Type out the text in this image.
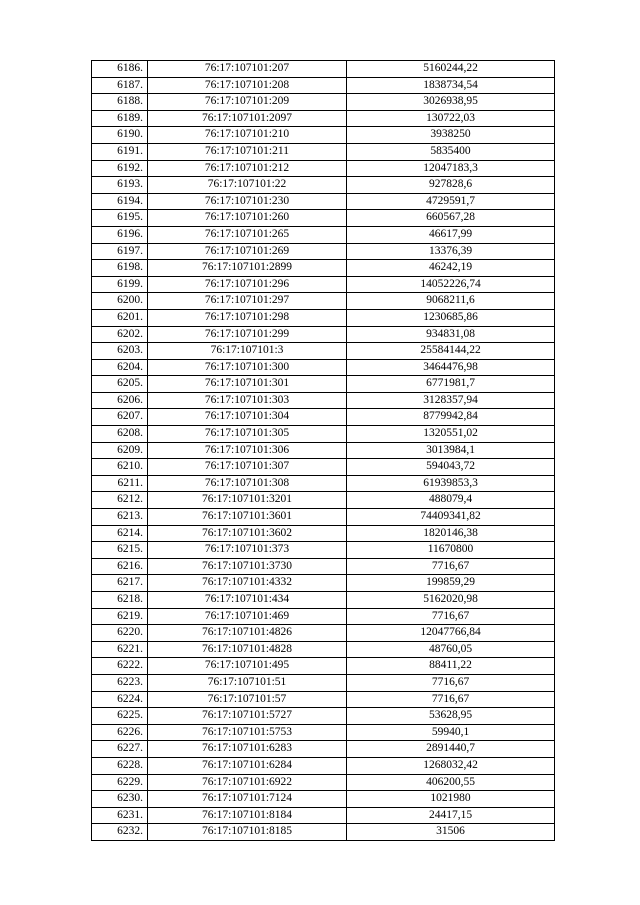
6186.	76:17:107101:207	5160244,22
6187.	76:17:107101:208	1838734,54
6188.	76:17:107101:209	3026938,95
6189.	76:17:107101:2097	130722,03
6190.	76:17:107101:210	3938250
6191.	76:17:107101:211	5835400
6192.	76:17:107101:212	12047183,3
6193.	76:17:107101:22	927828,6
6194.	76:17:107101:230	4729591,7
6195.	76:17:107101:260	660567,28
6196.	76:17:107101:265	46617,99
6197.	76:17:107101:269	13376,39
6198.	76:17:107101:2899	46242,19
6199.	76:17:107101:296	14052226,74
6200.	76:17:107101:297	9068211,6
6201.	76:17:107101:298	1230685,86
6202.	76:17:107101:299	934831,08
6203.	76:17:107101:3	25584144,22
6204.	76:17:107101:300	3464476,98
6205.	76:17:107101:301	6771981,7
6206.	76:17:107101:303	3128357,94
6207.	76:17:107101:304	8779942,84
6208.	76:17:107101:305	1320551,02
6209.	76:17:107101:306	3013984,1
6210.	76:17:107101:307	594043,72
6211.	76:17:107101:308	61939853,3
6212.	76:17:107101:3201	488079,4
6213.	76:17:107101:3601	74409341,82
6214.	76:17:107101:3602	1820146,38
6215.	76:17:107101:373	11670800
6216.	76:17:107101:3730	7716,67
6217.	76:17:107101:4332	199859,29
6218.	76:17:107101:434	5162020,98
6219.	76:17:107101:469	7716,67
6220.	76:17:107101:4826	12047766,84
6221.	76:17:107101:4828	48760,05
6222.	76:17:107101:495	88411,22
6223.	76:17:107101:51	7716,67
6224.	76:17:107101:57	7716,67
6225.	76:17:107101:5727	53628,95
6226.	76:17:107101:5753	59940,1
6227.	76:17:107101:6283	2891440,7
6228.	76:17:107101:6284	1268032,42
6229.	76:17:107101:6922	406200,55
6230.	76:17:107101:7124	1021980
6231.	76:17:107101:8184	24417,15
6232.	76:17:107101:8185	31506
